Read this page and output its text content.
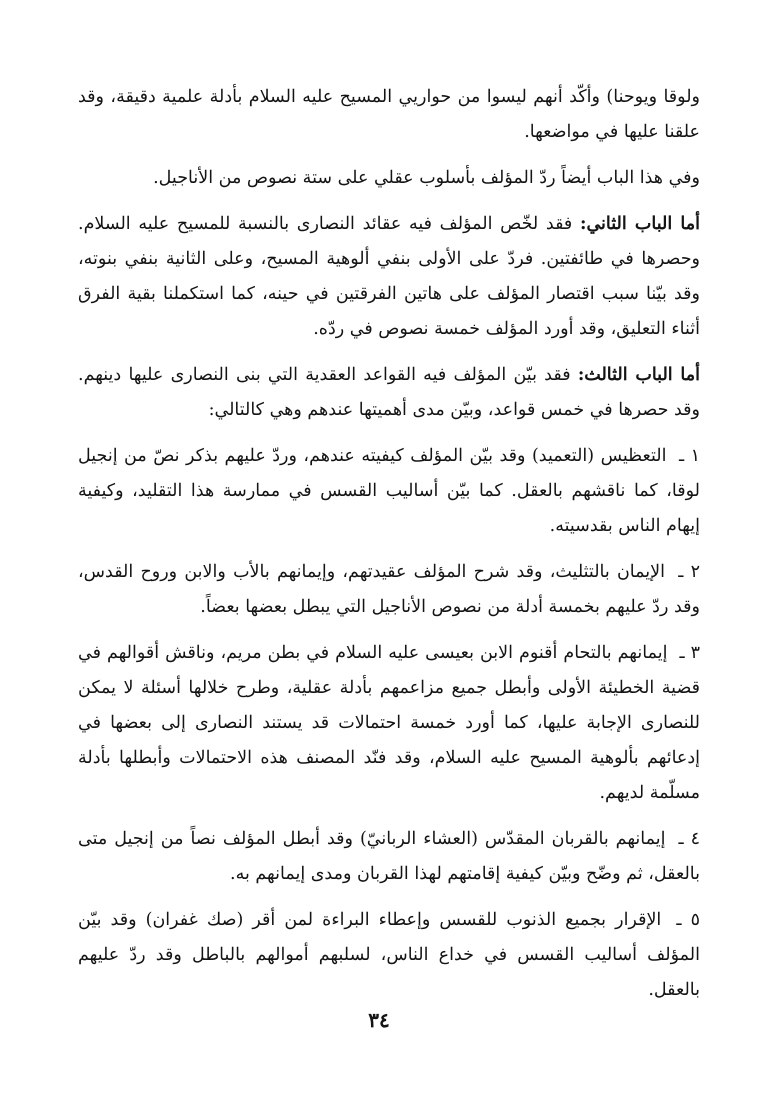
ولوقا ويوحنا) وأكّد أنهم ليسوا من حواريي المسيح عليه السلام بأدلة علمية دقيقة، وقد علقنا عليها في مواضعها.

وفي هذا الباب أيضاً ردّ المؤلف بأسلوب عقلي على ستة نصوص من الأناجيل.

أما الباب الثاني: فقد لخّص المؤلف فيه عقائد النصارى بالنسبة للمسيح عليه السلام. وحصرها في طائفتين. فردّ على الأولى بنفي ألوهية المسيح، وعلى الثانية بنفي بنوته، وقد بيّنا سبب اقتصار المؤلف على هاتين الفرقتين في حينه، كما استكملنا بقية الفرق أثناء التعليق، وقد أورد المؤلف خمسة نصوص في ردّه.

أما الباب الثالث: فقد بيّن المؤلف فيه القواعد العقدية التي بنى النصارى عليها دينهم. وقد حصرها في خمس قواعد، وبيّن مدى أهميتها عندهم وهي كالتالي:

١ ـ التعظيس (التعميد) وقد بيّن المؤلف كيفيته عندهم، وردّ عليهم بذكر نصّ من إنجيل لوقا، كما ناقشهم بالعقل. كما بيّن أساليب القسس في ممارسة هذا التقليد، وكيفية إيهام الناس بقدسيته.

٢ ـ الإيمان بالتثليث، وقد شرح المؤلف عقيدتهم، وإيمانهم بالأب والابن وروح القدس، وقد ردّ عليهم بخمسة أدلة من نصوص الأناجيل التي يبطل بعضها بعضاً.

٣ ـ إيمانهم بالتحام أقنوم الابن بعيسى عليه السلام في بطن مريم، وناقش أقوالهم في قضية الخطيئة الأولى وأبطل جميع مزاعمهم بأدلة عقلية، وطرح خلالها أسئلة لا يمكن للنصارى الإجابة عليها، كما أورد خمسة احتمالات قد يستند النصارى إلى بعضها في إدعائهم بألوهية المسيح عليه السلام، وقد فنّد المصنف هذه الاحتمالات وأبطلها بأدلة مسلّمة لديهم.

٤ ـ إيمانهم بالقربان المقدّس (العشاء الربانيّ) وقد أبطل المؤلف نصاً من إنجيل متى بالعقل، ثم وضّح وبيّن كيفية إقامتهم لهذا القربان ومدى إيمانهم به.

٥ ـ الإقرار بجميع الذنوب للقسس وإعطاء البراءة لمن أقر (صك غفران) وقد بيّن المؤلف أساليب القسس في خداع الناس، لسلبهم أموالهم بالباطل وقد ردّ عليهم بالعقل.

٣٤
